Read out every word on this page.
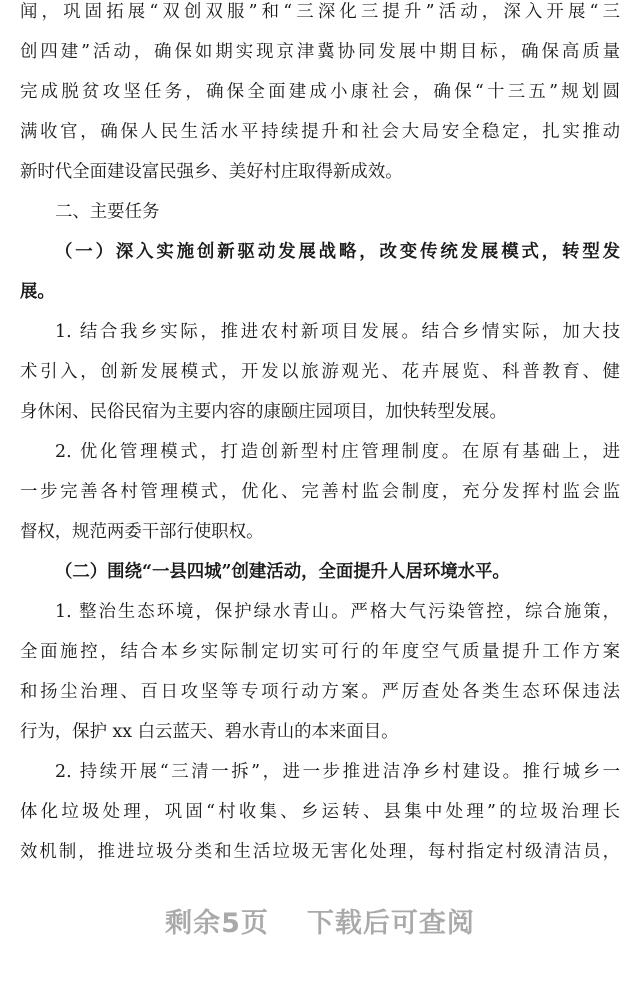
闻，巩固拓展“双创双服”和“三深化三提升”活动，深入开展“三
创四建”活动，确保如期实现京津冀协同发展中期目标，确保高质量
完成脱贫攻坚任务，确保全面建成小康社会，确保“十三五”规划圆
满收官，确保人民生活水平持续提升和社会大局安全稳定，扎实推动
新时代全面建设富民强乡、美好村庄取得新成效。
二、主要任务
（一）深入实施创新驱动发展战略，改变传统发展模式，转型发
展。
1. 结合我乡实际，推进农村新项目发展。结合乡情实际，加大技
术引入，创新发展模式，开发以旅游观光、花卉展览、科普教育、健
身休闲、民俗民宿为主要内容的康颐庄园项目，加快转型发展。
2. 优化管理模式，打造创新型村庄管理制度。在原有基础上，进
一步完善各村管理模式，优化、完善村监会制度，充分发挥村监会监
督权，规范两委干部行使职权。
（二）围绕“一县四城”创建活动，全面提升人居环境水平。
1. 整治生态环境，保护绿水青山。严格大气污染管控，综合施策，
全面施控，结合本乡实际制定切实可行的年度空气质量提升工作方案
和扬尘治理、百日攻坚等专项行动方案。严厉查处各类生态环保违法
行为，保护 xx 白云蓝天、碧水青山的本来面目。
2. 持续开展“三清一拆”，进一步推进洁净乡村建设。推行城乡一
体化垃圾处理，巩固“村收集、乡运转、县集中处理”的垃圾治理长
效机制，推进垃圾分类和生活垃圾无害化处理，每村指定村级清洁员，
剩余5页 下载后可查阅
